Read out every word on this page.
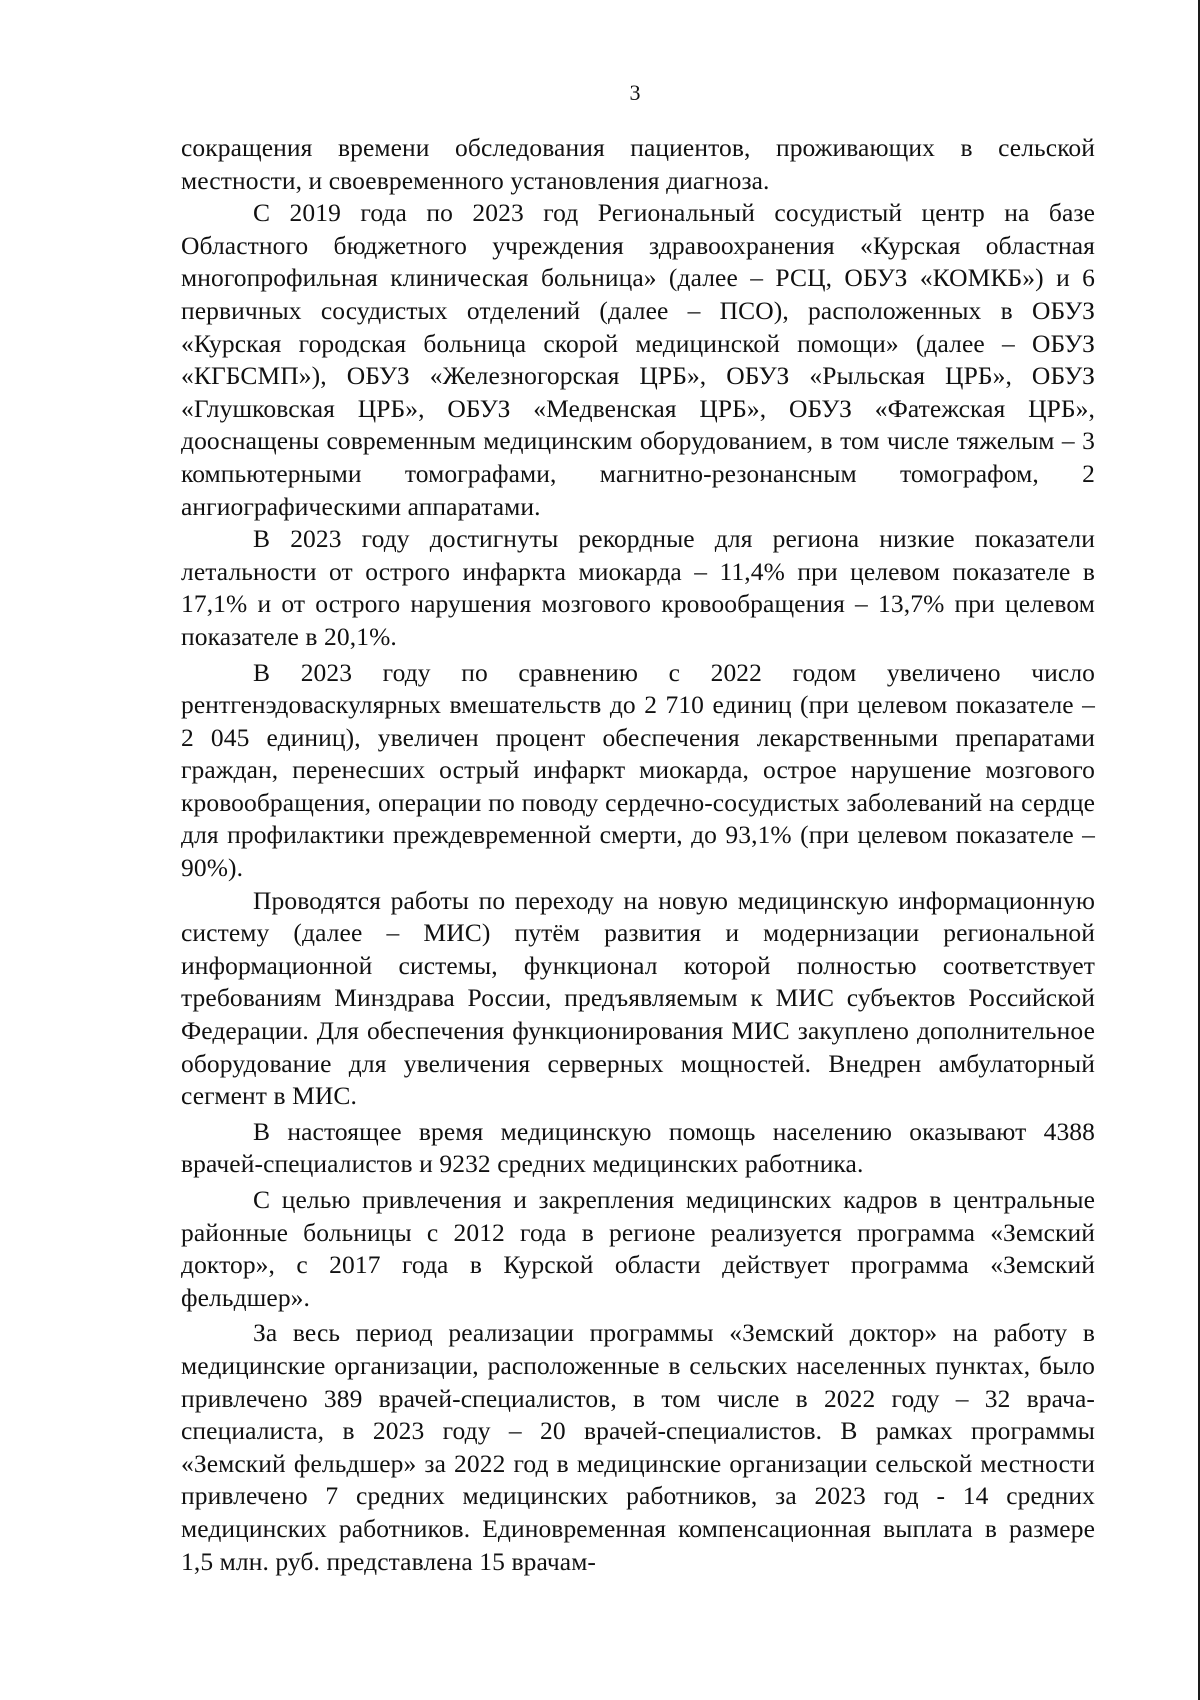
3

сокращения времени обследования пациентов, проживающих в сельской местности, и своевременного установления диагноза.

С 2019 года по 2023 год Региональный сосудистый центр на базе Областного бюджетного учреждения здравоохранения «Курская областная многопрофильная клиническая больница» (далее – РСЦ, ОБУЗ «КОМКБ») и 6 первичных сосудистых отделений (далее – ПСО), расположенных в ОБУЗ «Курская городская больница скорой медицинской помощи» (далее – ОБУЗ «КГБСМП»), ОБУЗ «Железногорская ЦРБ», ОБУЗ «Рыльская ЦРБ», ОБУЗ «Глушковская ЦРБ», ОБУЗ «Медвенская ЦРБ», ОБУЗ «Фатежская ЦРБ», дооснащены современным медицинским оборудованием, в том числе тяжелым – 3 компьютерными томографами, магнитно-резонансным томографом, 2 ангиографическими аппаратами.

В 2023 году достигнуты рекордные для региона низкие показатели летальности от острого инфаркта миокарда – 11,4% при целевом показателе в 17,1% и от острого нарушения мозгового кровообращения – 13,7% при целевом показателе в 20,1%.

В 2023 году по сравнению с 2022 годом увеличено число рентгенэдоваскулярных вмешательств до 2 710 единиц (при целевом показателе – 2 045 единиц), увеличен процент обеспечения лекарственными препаратами граждан, перенесших острый инфаркт миокарда, острое нарушение мозгового кровообращения, операции по поводу сердечно-сосудистых заболеваний на сердце для профилактики преждевременной смерти, до 93,1% (при целевом показателе – 90%).

Проводятся работы по переходу на новую медицинскую информационную систему (далее – МИС) путём развития и модернизации региональной информационной системы, функционал которой полностью соответствует требованиям Минздрава России, предъявляемым к МИС субъектов Российской Федерации. Для обеспечения функционирования МИС закуплено дополнительное оборудование для увеличения серверных мощностей. Внедрен амбулаторный сегмент в МИС.

В настоящее время медицинскую помощь населению оказывают 4388 врачей-специалистов и 9232 средних медицинских работника.

С целью привлечения и закрепления медицинских кадров в центральные районные больницы с 2012 года в регионе реализуется программа «Земский доктор», с 2017 года в Курской области действует программа «Земский фельдшер».

За весь период реализации программы «Земский доктор» на работу в медицинские организации, расположенные в сельских населенных пунктах, было привлечено 389 врачей-специалистов, в том числе в 2022 году – 32 врача-специалиста, в 2023 году – 20 врачей-специалистов. В рамках программы «Земский фельдшер» за 2022 год в медицинские организации сельской местности привлечено 7 средних медицинских работников, за 2023 год - 14 средних медицинских работников. Единовременная компенсационная выплата в размере 1,5 млн. руб. представлена 15 врачам-
